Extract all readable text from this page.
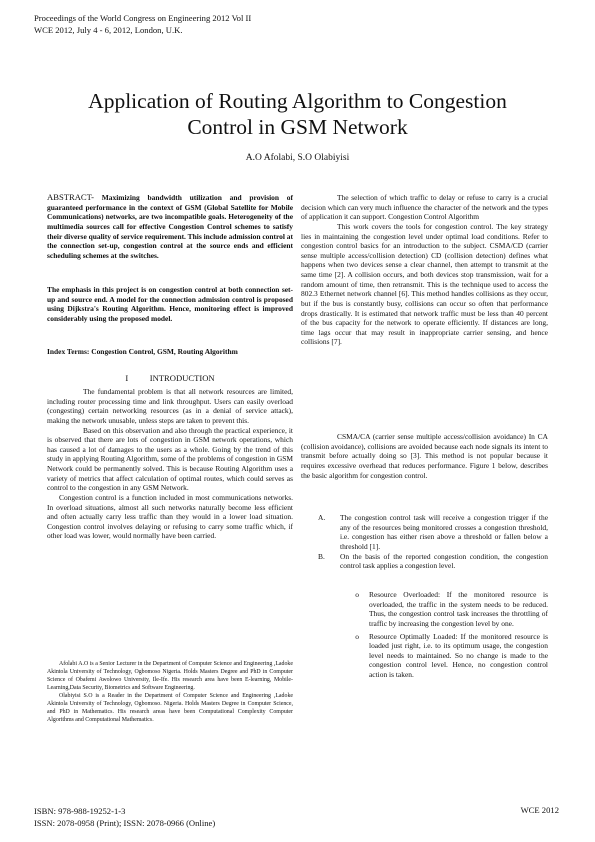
Proceedings of the World Congress on Engineering 2012 Vol II
WCE 2012, July 4 - 6, 2012, London, U.K.
Application of Routing Algorithm to Congestion
Control in GSM Network
A.O Afolabi, S.O Olabiyisi

ABSTRACT- Maximizing bandwidth utilization and provision of guaranteed performance in the context of GSM (Global Satellite for Mobile Communications) networks, are two incompatible goals. Heterogeneity of the multimedia sources call for effective Congestion Control schemes to satisfy their diverse quality of service requirement. This include admission control at the connection set-up, congestion control at the source ends and efficient scheduling schemes at the switches.

The emphasis in this project is on congestion control at both connection set-up and source end. A model for the connection admission control is proposed using Dijkstra's Routing Algorithm. Hence, monitoring effect is improved considerably using the proposed model.
Index Terms: Congestion Control, GSM, Routing Algorithm
I          INTRODUCTION

The fundamental problem is that all network resources are limited, including router processing time and link throughput. Users can easily overload (congesting) certain networking resources (as in a denial of service attack), making the network unusable, unless steps are taken to prevent this.

Based on this observation and also through the practical experience, it is observed that there are lots of congestion in GSM network operations, which has caused a lot of damages to the users as a whole. Going by the trend of this study in applying Routing Algorithm, some of the problems of congestion in GSM Network could be permanently solved. This is because Routing Algorithm uses a variety of metrics that affect calculation of optimal routes, which could serves as control to the congestion in any GSM Network.

Congestion control is a function included in most communications networks. In overload situations, almost all such networks naturally become less efficient and often actually carry less traffic than they would in a lower load situation. Congestion control involves delaying or refusing to carry some traffic which, if other load was lower, would normally have been carried.

Afolabi A.O is a Senior Lecturer in the Department of Computer Science and Engineering ,Ladoke Akintola University of Technology, Ogbomoso Nigeria. Holds Masters Degree and PhD in Computer Science of Obafemi Awolowo University, Ile-Ife. His research area have been E-learning, Mobile-Learning,Data Security, Biometrics and Software Engineering.

Olabiyisi S.O is a Reader in the Department of Computer Science and Engineering ,Ladoke Akintola University of Technology, Ogbomoso. Nigeria. Holds Masters Degree in Computer Science, and PhD in Mathematics. His research areas have been Computational Complexity Computer Algorithms and Computational Mathematics.

The selection of which traffic to delay or refuse to carry is a crucial decision which can very much influence the character of the network and the types of application it can support. Congestion Control Algorithm

This work covers the tools for congestion control. The key strategy lies in maintaining the congestion level under optimal load conditions. Refer to congestion control basics for an introduction to the subject. CSMA/CD (carrier sense multiple access/collision detection) CD (collision detection) defines what happens when two devices sense a clear channel, then attempt to transmit at the same time [2]. A collision occurs, and both devices stop transmission, wait for a random amount of time, then retransmit. This is the technique used to access the 802.3 Ethernet network channel [6]. This method handles collisions as they occur, but if the bus is constantly busy, collisions can occur so often that performance drops drastically. It is estimated that network traffic must be less than 40 percent of the bus capacity for the network to operate efficiently. If distances are long, time lags occur that may result in inappropriate carrier sensing, and hence collisions [7].

CSMA/CA (carrier sense multiple access/collision avoidance) In CA (collision avoidance), collisions are avoided because each node signals its intent to transmit before actually doing so [3]. This method is not popular because it requires excessive overhead that reduces performance. Figure 1 below, describes the basic algorithm for congestion control.

A.	The congestion control task will receive a congestion trigger if the any of the resources being monitored crosses a congestion threshold, i.e. congestion has either risen above a threshold or fallen below a threshold [1].
B.	On the basis of the reported congestion condition, the congestion control task applies a congestion level.
o	Resource Overloaded: If the monitored resource is overloaded, the traffic in the system needs to be reduced. Thus, the congestion control task increases the throttling of traffic by increasing the congestion level by one.
o	Resource Optimally Loaded: If the monitored resource is loaded just right, i.e. to its optimum usage, the congestion level needs to maintained. So no change is made to the congestion control level. Hence, no congestion control action is taken.
ISBN: 978-988-19252-1-3
ISSN: 2078-0958 (Print); ISSN: 2078-0966 (Online)
WCE 2012
